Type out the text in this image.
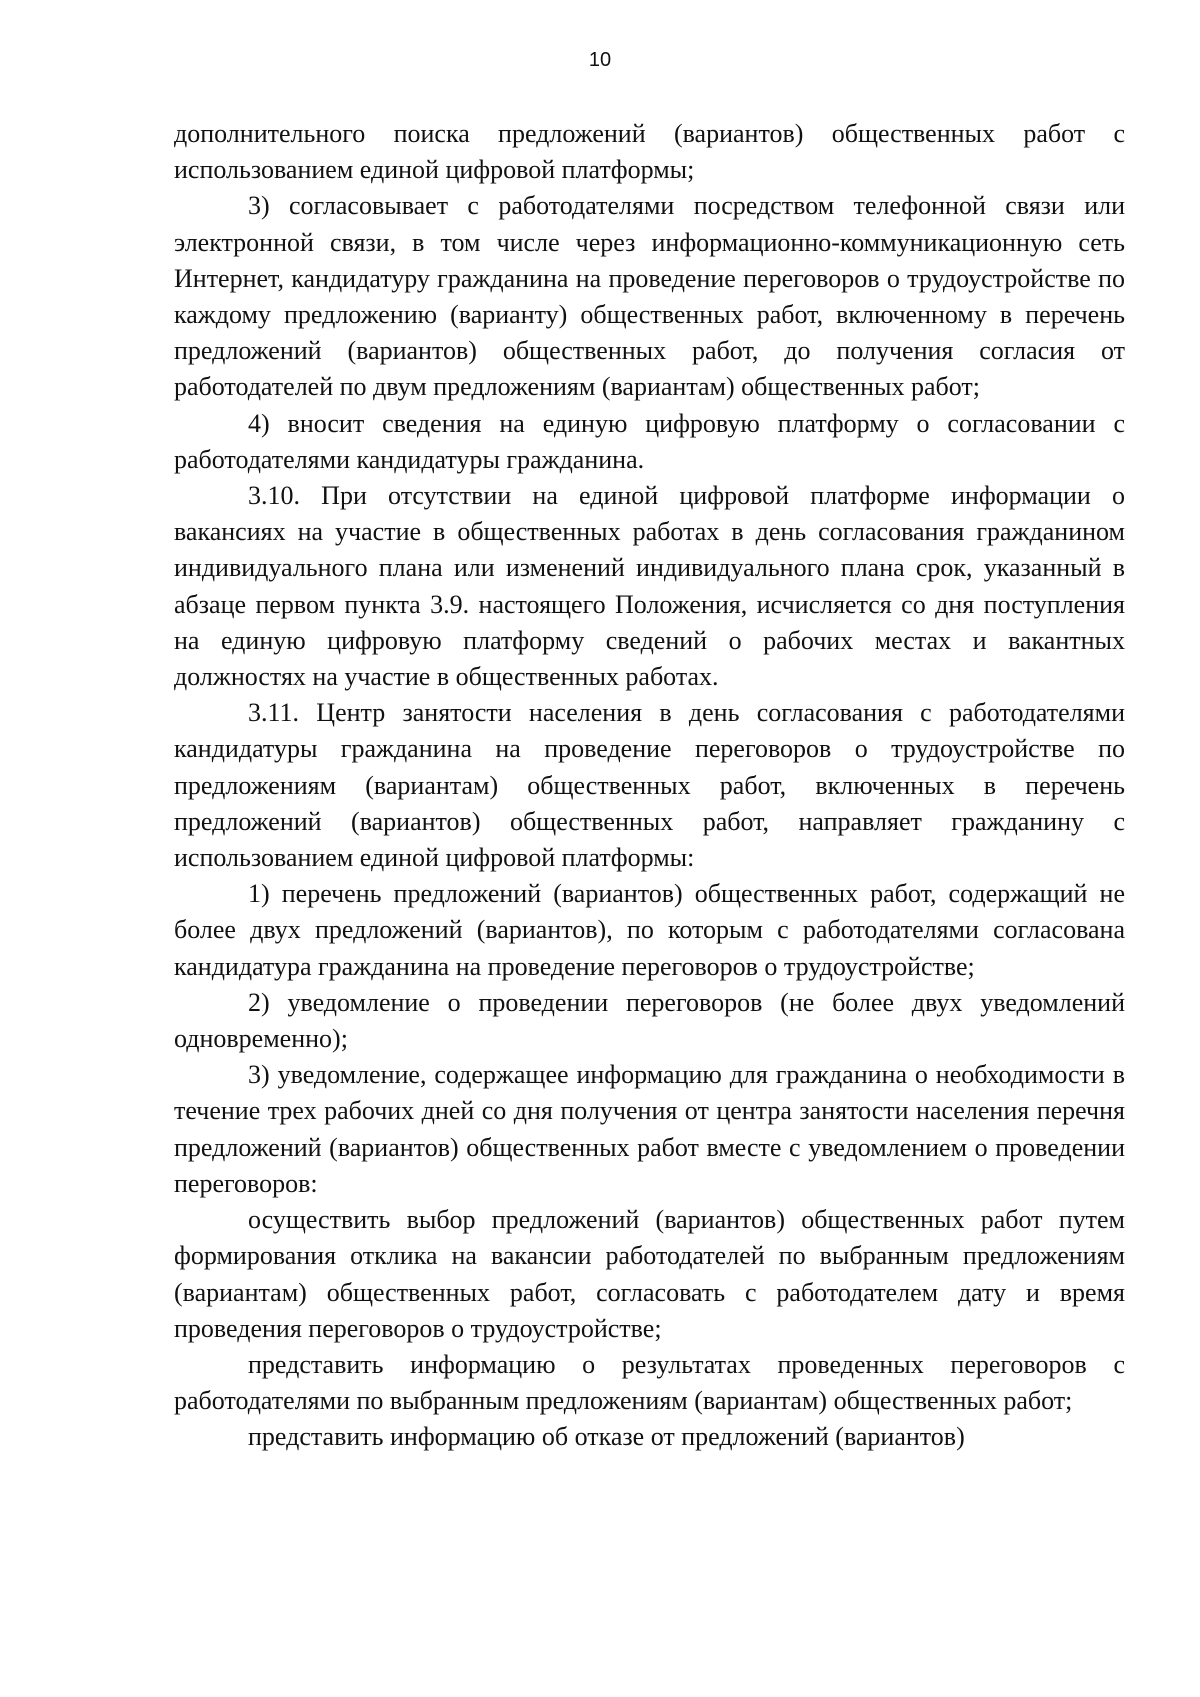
10

дополнительного поиска предложений (вариантов) общественных работ с использованием единой цифровой платформы;

3) согласовывает с работодателями посредством телефонной связи или электронной связи, в том числе через информационно-коммуникационную сеть Интернет, кандидатуру гражданина на проведение переговоров о трудоустройстве по каждому предложению (варианту) общественных работ, включенному в перечень предложений (вариантов) общественных работ, до получения согласия от работодателей по двум предложениям (вариантам) общественных работ;

4) вносит сведения на единую цифровую платформу о согласовании с работодателями кандидатуры гражданина.

3.10. При отсутствии на единой цифровой платформе информации о вакансиях на участие в общественных работах в день согласования гражданином индивидуального плана или изменений индивидуального плана срок, указанный в абзаце первом пункта 3.9. настоящего Положения, исчисляется со дня поступления на единую цифровую платформу сведений о рабочих местах и вакантных должностях на участие в общественных работах.

3.11. Центр занятости населения в день согласования с работодателями кандидатуры гражданина на проведение переговоров о трудоустройстве по предложениям (вариантам) общественных работ, включенных в перечень предложений (вариантов) общественных работ, направляет гражданину с использованием единой цифровой платформы:

1) перечень предложений (вариантов) общественных работ, содержащий не более двух предложений (вариантов), по которым с работодателями согласована кандидатура гражданина на проведение переговоров о трудоустройстве;

2) уведомление о проведении переговоров (не более двух уведомлений одновременно);

3) уведомление, содержащее информацию для гражданина о необходимости в течение трех рабочих дней со дня получения от центра занятости населения перечня предложений (вариантов) общественных работ вместе с уведомлением о проведении переговоров:

осуществить выбор предложений (вариантов) общественных работ путем формирования отклика на вакансии работодателей по выбранным предложениям (вариантам) общественных работ, согласовать с работодателем дату и время проведения переговоров о трудоустройстве;

представить информацию о результатах проведенных переговоров с работодателями по выбранным предложениям (вариантам) общественных работ;

представить информацию об отказе от предложений (вариантов)
